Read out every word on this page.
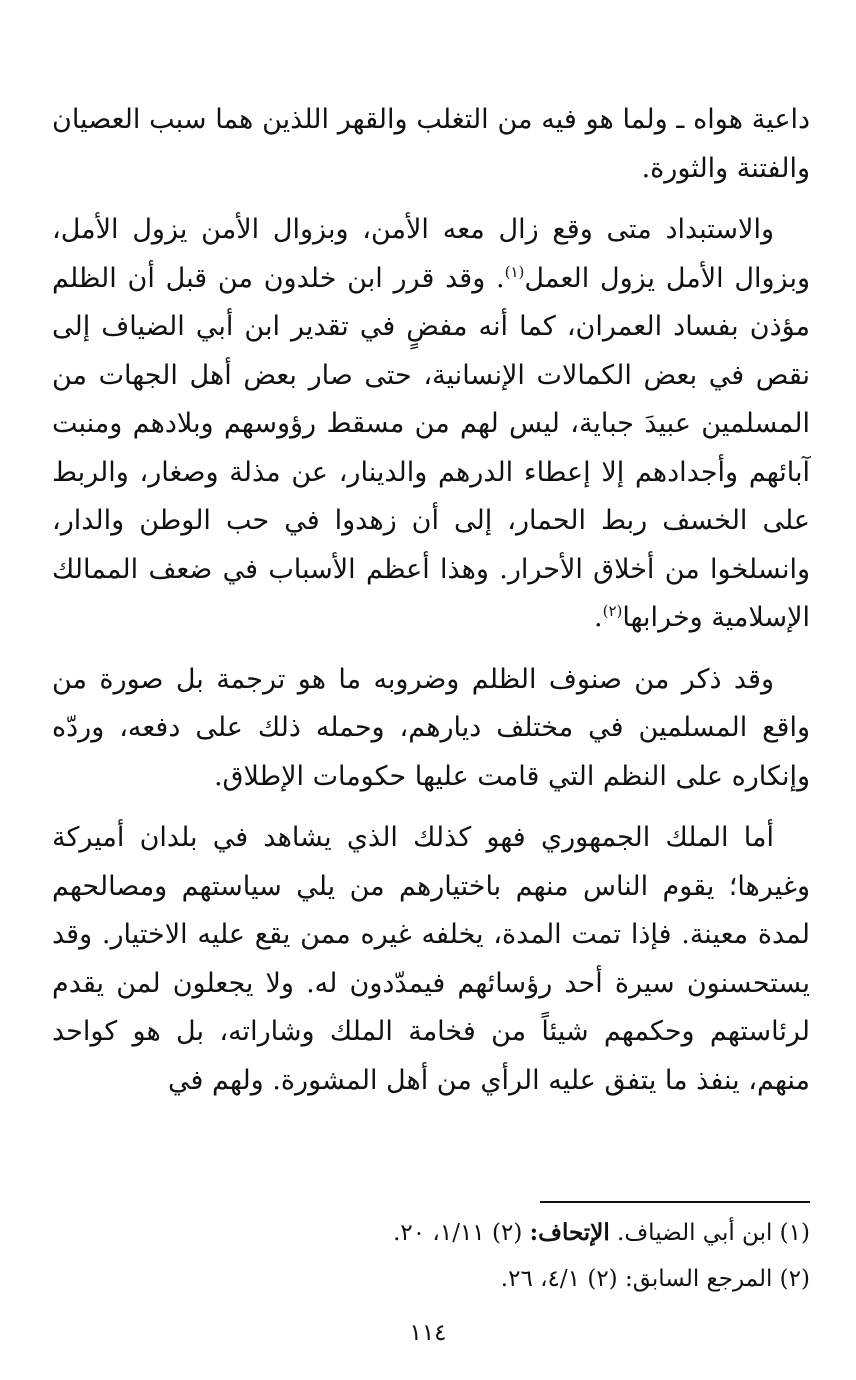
داعية هواه ـ ولما هو فيه من التغلب والقهر اللذين هما سبب العصيان والفتنة والثورة.

والاستبداد متى وقع زال معه الأمن، وبزوال الأمن يزول الأمل، وبزوال الأمل يزول العمل$^{(١)}$. وقد قرر ابن خلدون من قبل أن الظلم مؤذن بفساد العمران، كما أنه مفضٍ في تقدير ابن أبي الضياف إلى نقص في بعض الكمالات الإنسانية، حتى صار بعض أهل الجهات من المسلمين عبيدَ جباية، ليس لهم من مسقط رؤوسهم وبلادهم ومنبت آبائهم وأجدادهم إلا إعطاء الدرهم والدينار، عن مذلة وصغار، والربط على الخسف ربط الحمار، إلى أن زهدوا في حب الوطن والدار، وانسلخوا من أخلاق الأحرار. وهذا أعظم الأسباب في ضعف الممالك الإسلامية وخرابها$^{(٢)}$.

وقد ذكر من صنوف الظلم وضروبه ما هو ترجمة بل صورة من واقع المسلمين في مختلف ديارهم، وحمله ذلك على دفعه، وردّه وإنكاره على النظم التي قامت عليها حكومات الإطلاق.

أما الملك الجمهوري فهو كذلك الذي يشاهد في بلدان أميركة وغيرها؛ يقوم الناس منهم باختيارهم من يلي سياستهم ومصالحهم لمدة معينة. فإذا تمت المدة، يخلفه غيره ممن يقع عليه الاختيار. وقد يستحسنون سيرة أحد رؤسائهم فيمدّدون له. ولا يجعلون لمن يقدم لرئاستهم وحكمهم شيئاً من فخامة الملك وشاراته، بل هو كواحد منهم، ينفذ ما يتفق عليه الرأي من أهل المشورة. ولهم في

(١) ابن أبي الضياف. الإتحاف: (٢) ١/١١، ٢٠.

(٢) المرجع السابق: (٢) ٤/١، ٢٦.

١١٤
